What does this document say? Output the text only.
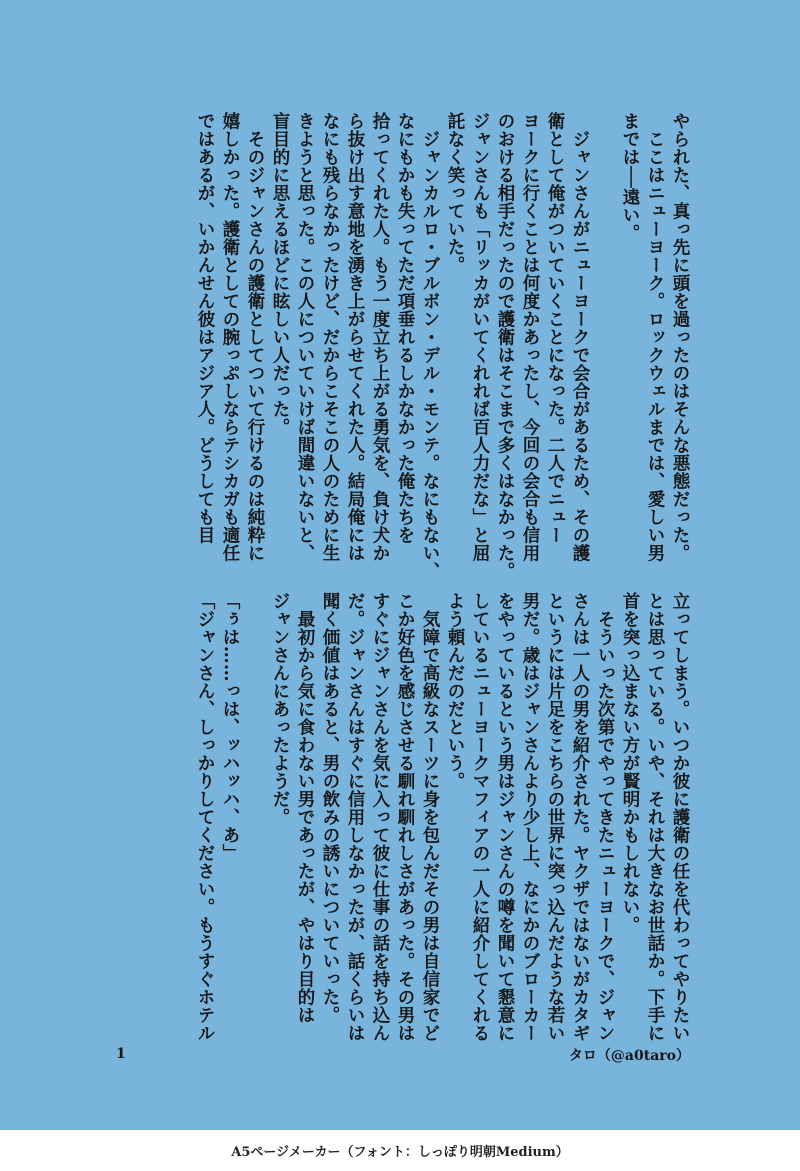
やられた、真っ先に頭を過ったのはそんな悪態だった。
　ここはニューヨーク。ロックウェルまでは、愛しい男
までは──遠い。

　ジャンさんがニューヨークで会合があるため、その護
衛として俺がついていくことになった。二人でニュー
ヨークに行くことは何度かあったし、今回の会合も信用
のおける相手だったので護衛はそこまで多くはなかった。
ジャンさんも「リッカがいてくれれば百人力だな」と屈
託なく笑っていた。
　ジャンカルロ・ブルボン・デル・モンテ。なにもない、
なにもかも失ってただ項垂れるしかなかった俺たちを
拾ってくれた人。もう一度立ち上がる勇気を、負け犬か
ら抜け出す意地を湧き上がらせてくれた人。結局俺には
なにも残らなかったけど、だからこそこの人のために生
きようと思った。この人についていけば間違いないと、
盲目的に思えるほどに眩しい人だった。
　そのジャンさんの護衛としてついて行けるのは純粋に
嬉しかった。護衛としての腕っぷしならテシカガも適任
ではあるが、いかんせん彼はアジア人。どうしても目
立ってしまう。いつか彼に護衛の任を代わってやりたい
とは思っている。いや、それは大きなお世話か。下手に
首を突っ込まない方が賢明かもしれない。
　そういった次第でやってきたニューヨークで、ジャン
さんは一人の男を紹介された。ヤクザではないがカタギ
というには片足をこちらの世界に突っ込んだような若い
男だ。歳はジャンさんより少し上、なにかのブローカー
をやっているという男はジャンさんの噂を聞いて懇意に
しているニューヨークマフィアの一人に紹介してくれる
よう頼んだのだという。
　気障で高級なスーツに身を包んだその男は自信家でど
こか好色を感じさせる馴れ馴れしさがあった。その男は
すぐにジャンさんを気に入って彼に仕事の話を持ち込ん
だ。ジャンさんはすぐに信用しなかったが、話くらいは
聞く価値はあると、男の飲みの誘いについていった。
　最初から気に食わない男であったが、やはり目的は
ジャンさんにあったようだ。

「ぅは……っは、ッハッハ、あ」
「ジャンさん、しっかりしてください。もうすぐホテル
1	タロ（@a0taro）
A5ページメーカー（フォント：しっぽり明朝Medium）
